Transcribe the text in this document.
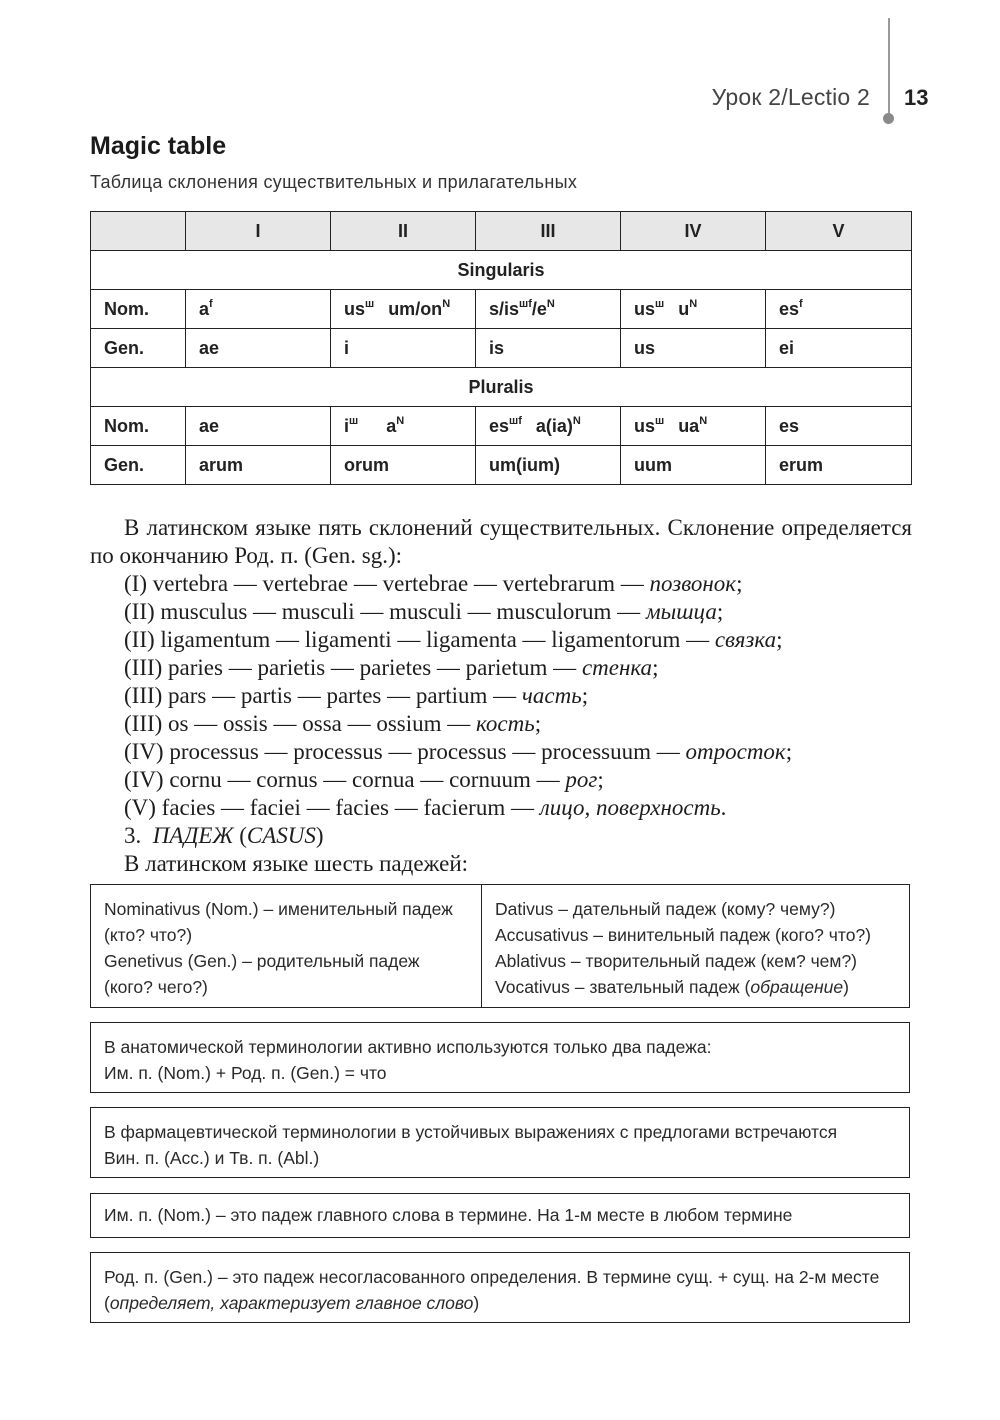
Урок 2/Lectio 2 13
Magic table
Таблица склонения существительных и прилагательных
	I	II	III	IV	V
Singularis					
Nom.	$a^f$	$us^ш$ $um/on^N$	$s/is^{шf}/e^N$	$us^ш$ $u^N$	$es^f$
Gen.	ae	i	is	us	ei
Pluralis					
Nom.	ae	$i^ш$ $a^N$	$es^{шf}$ a(ia)$^N$	$us^ш$ $ua^N$	es
Gen.	arum	orum	um(ium)	uum	erum

В латинском языке пять склонений существительных. Склонение определяется по окончанию Род. п. (Gen. sg.):

(I) vertebra — vertebrae — vertebrae — vertebrarum — позвонок;
(II) musculus — musculi — musculi — musculorum — мышца;
(II) ligamentum — ligamenti — ligamenta — ligamentorum — связка;
(III) paries — parietis — parietes — parietum — стенка;
(III) pars — partis — partes — partium — часть;
(III) os — ossis — ossa — ossium — кость;
(IV) processus — processus — processus — processuum — отросток;
(IV) cornu — cornus — cornua — cornuum — рог;
(V) facies — faciei — facies — facierum — лицо, поверхность.
3. ПАДЕЖ (CASUS)
В латинском языке шесть падежей:
Nominativus (Nom.) – именительный падеж
(кто? что?)
Genetivus (Gen.) – родительный падеж
(кого? чего?)
Dativus – дательный падеж (кому? чему?)
Accusativus – винительный падеж (кого? что?)
Ablativus – творительный падеж (кем? чем?)
Vocativus – звательный падеж (обращение)
В анатомической терминологии активно используются только два падежа:
Им. п. (Nom.) + Род. п. (Gen.) = что
В фармацевтической терминологии в устойчивых выражениях с предлогами встречаются
Вин. п. (Acc.) и Тв. п. (Abl.)
Им. п. (Nom.) – это падеж главного слова в термине. На 1-м месте в любом термине
Род. п. (Gen.) – это падеж несогласованного определения. В термине сущ. + сущ. на 2-м месте
(определяет, характеризует главное слово)
